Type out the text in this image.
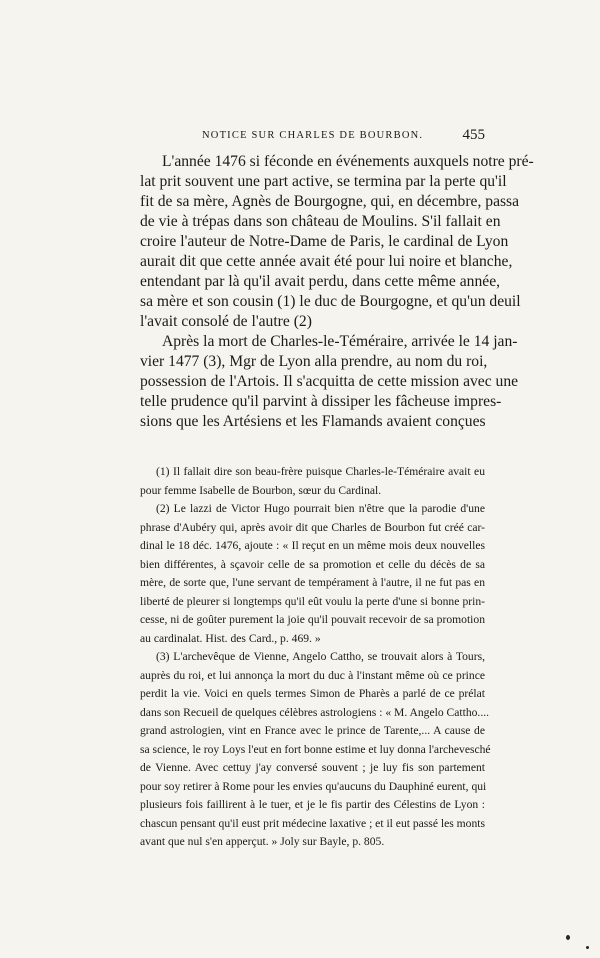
NOTICE SUR CHARLES DE BOURBON.	455
L'année 1476 si féconde en événements auxquels notre pré-
lat prit souvent une part active, se termina par la perte qu'il
fit de sa mère, Agnès de Bourgogne, qui, en décembre, passa
de vie à trépas dans son château de Moulins. S'il fallait en
croire l'auteur de Notre-Dame de Paris, le cardinal de Lyon
aurait dit que cette année avait été pour lui noire et blanche,
entendant par là qu'il avait perdu, dans cette même année,
sa mère et son cousin (1) le duc de Bourgogne, et qu'un deuil
l'avait consolé de l'autre (2)
Après la mort de Charles-le-Téméraire, arrivée le 14 jan-
vier 1477 (3), Mgr de Lyon alla prendre, au nom du roi,
possession de l'Artois. Il s'acquitta de cette mission avec une
telle prudence qu'il parvint à dissiper les fâcheuse impres-
sions que les Artésiens et les Flamands avaient conçues
(1) Il fallait dire son beau-frère puisque Charles-le-Téméraire avait eu
pour femme Isabelle de Bourbon, sœur du Cardinal.
(2) Le lazzi de Victor Hugo pourrait bien n'être que la parodie d'une
phrase d'Aubéry qui, après avoir dit que Charles de Bourbon fut créé car-
dinal le 18 déc. 1476, ajoute : « Il reçut en un même mois deux nouvelles
bien différentes, à sçavoir celle de sa promotion et celle du décès de sa
mère, de sorte que, l'une servant de tempérament à l'autre, il ne fut pas en
liberté de pleurer si longtemps qu'il eût voulu la perte d'une si bonne prin-
cesse, ni de goûter purement la joie qu'il pouvait recevoir de sa promotion
au cardinalat. Hist. des Card., p. 469. »
(3) L'archevêque de Vienne, Angelo Cattho, se trouvait alors à Tours,
auprès du roi, et lui annonça la mort du duc à l'instant même où ce prince
perdit la vie. Voici en quels termes Simon de Pharès a parlé de ce prélat
dans son Recueil de quelques célèbres astrologiens : « M. Angelo Cattho....
grand astrologien, vint en France avec le prince de Tarente,... A cause de
sa science, le roy Loys l'eut en fort bonne estime et luy donna l'archevesché
de Vienne. Avec cettuy j'ay conversé souvent ; je luy fis son partement
pour soy retirer à Rome pour les envies qu'aucuns du Dauphiné eurent, qui
plusieurs fois faillirent à le tuer, et je le fis partir des Célestins de Lyon :
chascun pensant qu'il eust prit médecine laxative ; et il eut passé les monts
avant que nul s'en apperçut. » Joly sur Bayle, p. 805.
